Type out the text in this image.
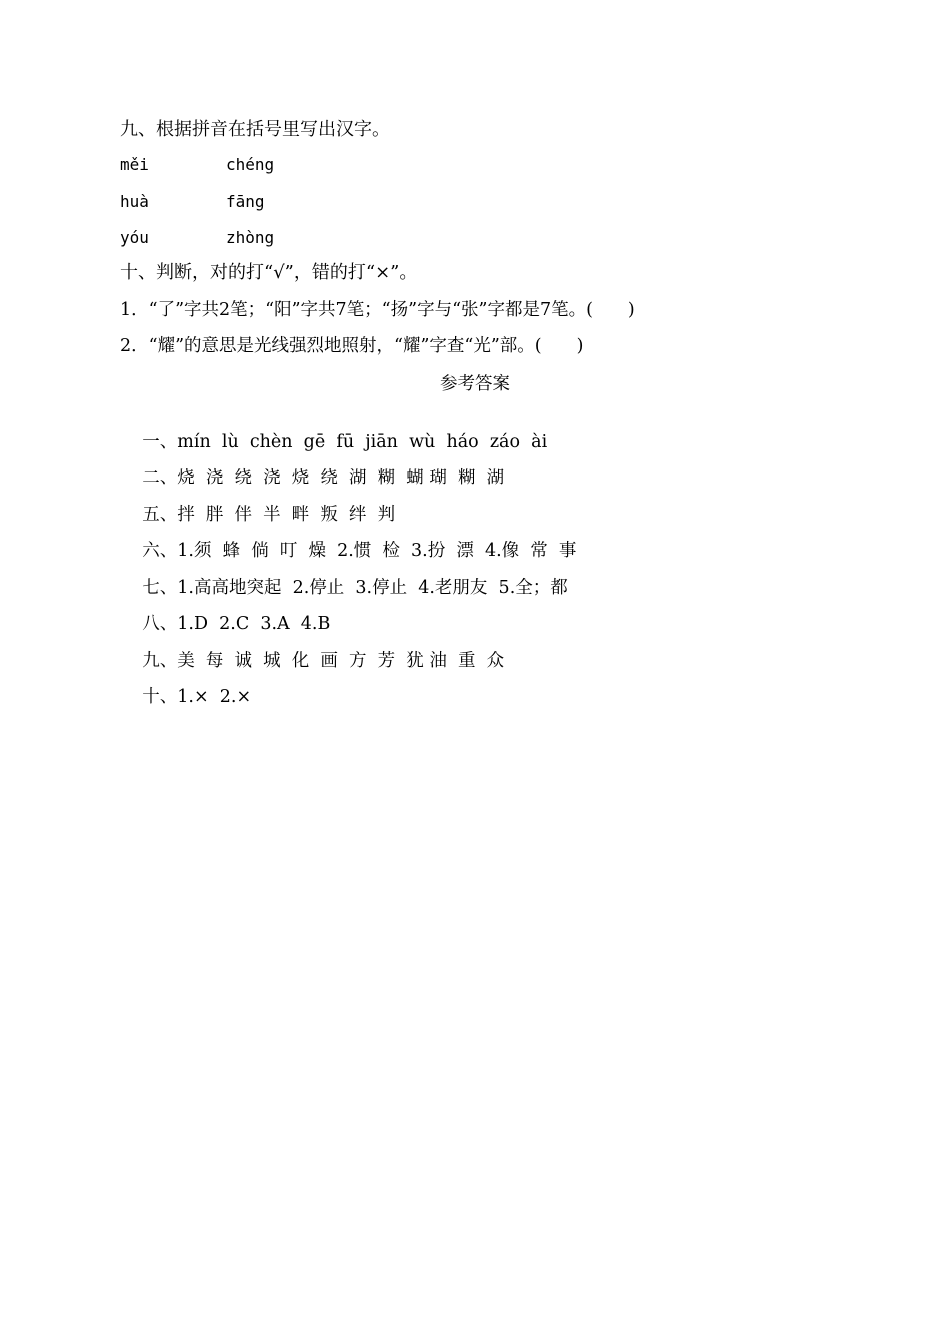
九、根据拼音在括号里写出汉字。
měi	chéng
huà	fāng
yóu	zhòng
十、判断，对的打“√”，错的打“×”。
1．“了”字共2笔；“阳”字共7笔；“扬”字与“张”字都是7笔。(　　)
2．“耀”的意思是光线强烈地照射，“耀”字查“光”部。(　　)
参考答案

一、mín  lù  chèn  gē  fū  jiān  wù  háo  záo  ài

二、烧  浇  绕  浇  烧  绕  湖  糊  蝴 瑚  糊  湖

五、拌  胖  伴  半  畔  叛  绊  判

六、1.须  蜂  倘  叮  燥  2.惯  检  3.扮  漂  4.像  常  事

七、1.高高地突起  2.停止  3.停止  4.老朋友  5.全；都

八、1.D  2.C  3.A  4.B

九、美  每  诚  城  化  画  方  芳  犹 油  重  众

十、1.×  2.×
